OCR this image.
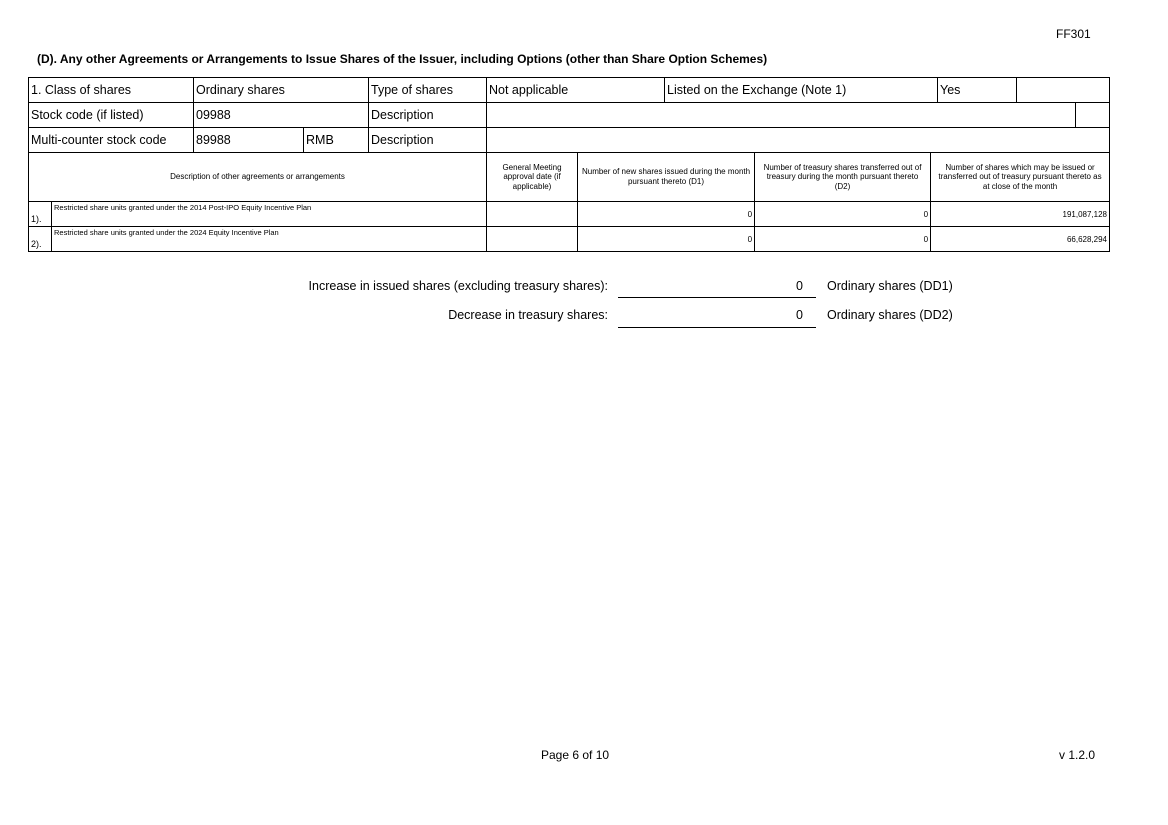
FF301
(D). Any other Agreements or Arrangements to Issue Shares of the Issuer, including Options (other than Share Option Schemes)
1. Class of shares	Ordinary shares		Type of shares	Not applicable	Listed on the Exchange (Note 1)	Yes		
Stock code (if listed)	09988		Description					
Multi-counter stock code	89988	RMB	Description					
Description of other agreements or arrangements		General Meeting approval date (if applicable)	Number of new shares issued during the month pursuant thereto (D1)	Number of treasury shares transferred out of treasury during the month pursuant thereto (D2)	Number of shares which may be issued or transferred out of treasury pursuant thereto as at close of the month
1).	Restricted share units granted under the 2014 Post-IPO Equity Incentive Plan		0	0	191,087,128
2).	Restricted share units granted under the 2024 Equity Incentive Plan		0	0	66,628,294
Increase in issued shares (excluding treasury shares):	0 Ordinary shares (DD1)
Decrease in treasury shares:	0 Ordinary shares (DD2)
Page 6 of 10	v 1.2.0
